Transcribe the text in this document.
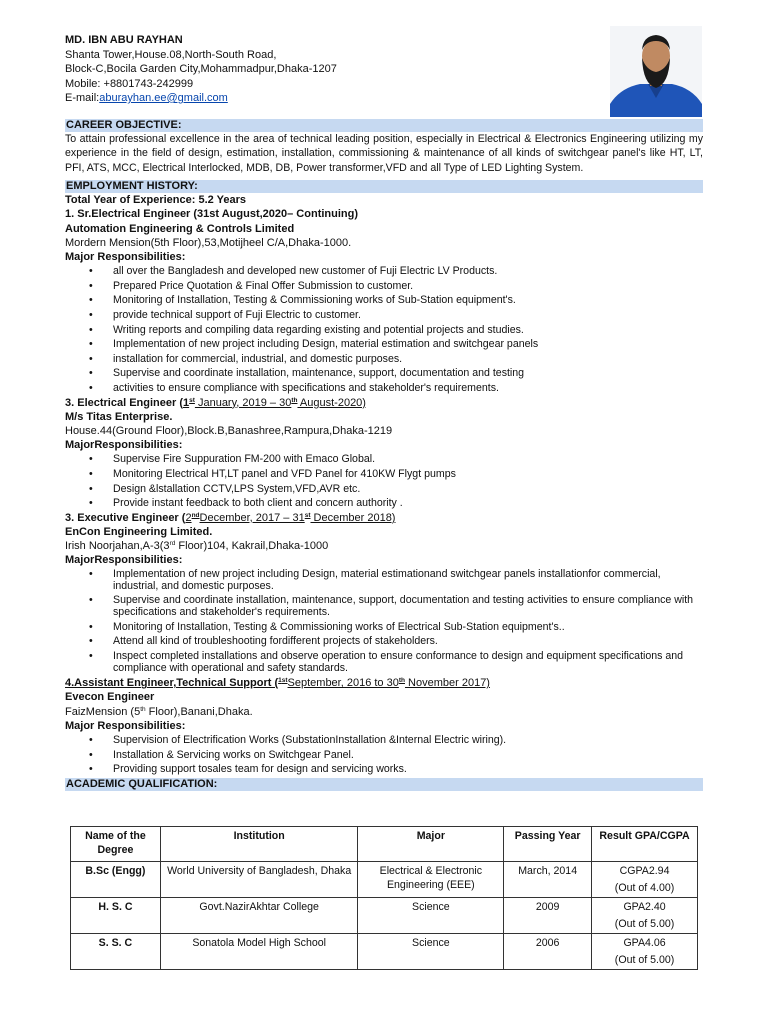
MD. IBN ABU RAYHAN
Shanta Tower,House.08,North-South Road,
Block-C,Bocila Garden City,Mohammadpur,Dhaka-1207
Mobile: +8801743-242999
E-mail:aburayhan.ee@gmail.com
CAREER OBJECTIVE:
To attain professional excellence in the area of technical leading position, especially in Electrical & Electronics Engineering utilizing my experience in the field of design, estimation, installation, commissioning & maintenance of all kinds of switchgear panel's like HT, LT, PFI, ATS, MCC, Electrical Interlocked, MDB, DB, Power transformer,VFD and all Type of LED Lighting System.
EMPLOYMENT HISTORY:
Total Year of Experience: 5.2 Years
1. Sr.Electrical Engineer (31st August,2020– Continuing)
Automation Engineering & Controls Limited
Mordern Mension(5th Floor),53,Motijheel C/A,Dhaka-1000.
Major Responsibilities:
• all over the Bangladesh and developed new customer of Fuji Electric LV Products.
• Prepared Price Quotation & Final Offer Submission to customer.
• Monitoring of Installation, Testing & Commissioning works of Sub-Station equipment's.
• provide technical support of Fuji Electric to customer.
• Writing reports and compiling data regarding existing and potential projects and studies.
• Implementation of new project including Design, material estimation and switchgear panels
• installation for commercial, industrial, and domestic purposes.
• Supervise and coordinate installation, maintenance, support, documentation and testing
• activities to ensure compliance with specifications and stakeholder's requirements.
3. Electrical Engineer (1st January, 2019 – 30th August-2020)
M/s Titas Enterprise.
House.44(Ground Floor),Block.B,Banashree,Rampura,Dhaka-1219
MajorResponsibilities:
• Supervise Fire Suppuration FM-200 with Emaco Global.
• Monitoring Electrical HT,LT panel and VFD Panel for 410KW Flygt pumps
• Design &lstallation CCTV,LPS System,VFD,AVR etc.
• Provide instant feedback to both client and concern authority .
3. Executive Engineer (2ndDecember, 2017 – 31st December 2018)
EnCon Engineering Limited.
Irish Noorjahan,A-3(3rd Floor)104, Kakrail,Dhaka-1000
MajorResponsibilities:
• Implementation of new project including Design, material estimationand switchgear panels installationfor commercial, industrial, and domestic purposes.
• Supervise and coordinate installation, maintenance, support, documentation and testing activities to ensure compliance with specifications and stakeholder's requirements.
• Monitoring of Installation, Testing & Commissioning works of Electrical Sub-Station equipment's..
• Attend all kind of troubleshooting fordifferent projects of stakeholders.
• Inspect completed installations and observe operation to ensure conformance to design and equipment specifications and compliance with operational and safety standards.
4.Assistant Engineer,Technical Support ($^{1st}$September, 2016 to 30th November 2017)
Evecon Engineer
FaizMension (5th Floor),Banani,Dhaka.
Major Responsibilities:
• Supervision of Electrification Works (SubstationInstallation &Internal Electric wiring).
• Installation & Servicing works on Switchgear Panel.
• Providing support tosales team for design and servicing works.
ACADEMIC QUALIFICATION:
Name of the Degree	Institution	Major	Passing Year	Result GPA/CGPA
B.Sc (Engg)	World University of Bangladesh, Dhaka	Electrical & Electronic Engineering (EEE)	March, 2014	CGPA2.94
(Out of 4.00)

H. S. C	Govt.NazirAkhtar College	Science	2009	GPA2.40
(Out of 5.00)

S. S. C	Sonatola Model High School	Science	2006	GPA4.06
(Out of 5.00)
